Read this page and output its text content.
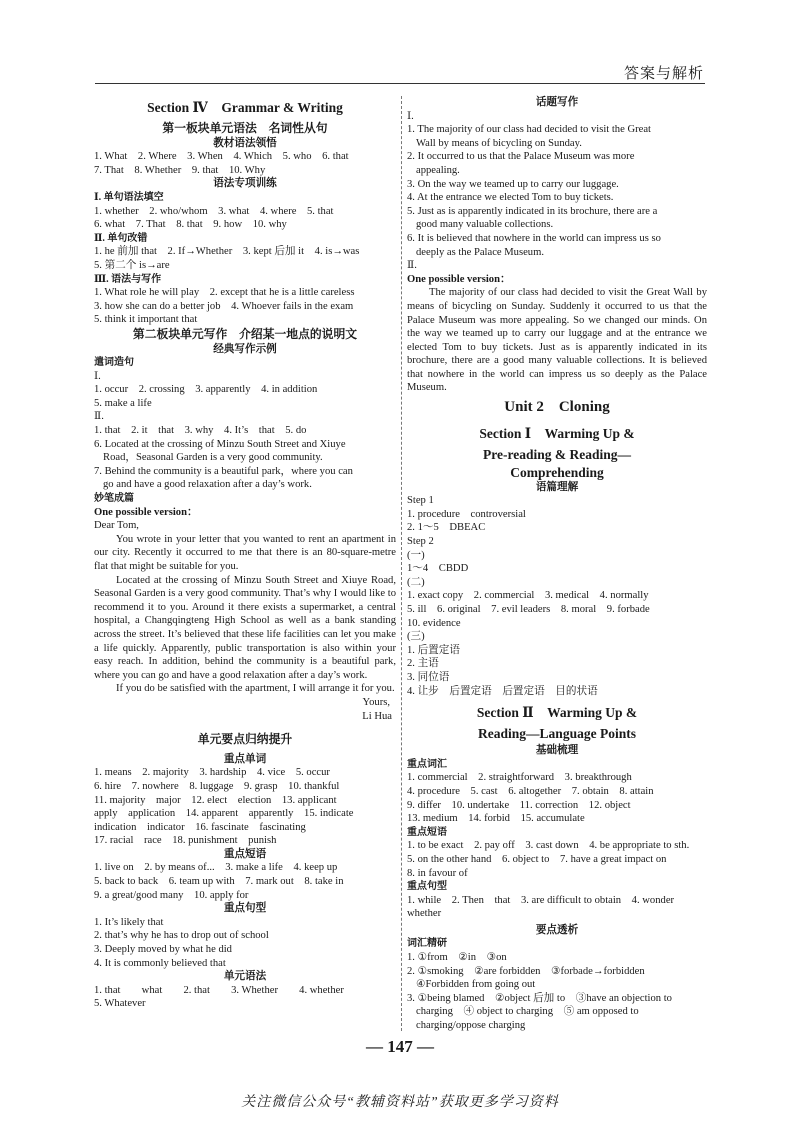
答案与解析
Section Ⅳ　Grammar & Writing
第一板块单元语法　名词性从句
教材语法领悟
1. What　2. Where　3. When　4. Which　5. who　6. that
7. That　8. Whether　9. that　10. Why
语法专项训练
Ⅰ. 单句语法填空
1. whether　2. who/whom　3. what　4. where　5. that
6. what　7. That　8. that　9. how　10. why
Ⅱ. 单句改错
1. he 前加 that　2. If→Whether　3. kept 后加 it　4. is→was
5. 第二个 is→are
Ⅲ. 语法与写作
1. What role he will play　2. except that he is a little careless
3. how she can do a better job　4. Whoever fails in the exam
5. think it important that
第二板块单元写作　介绍某一地点的说明文
经典写作示例
遣词造句
Ⅰ.
1. occur　2. crossing　3. apparently　4. in addition
5. make a life
Ⅱ.
1. that　2. it　that　3. why　4. It’s　that　5. do
6. Located at the crossing of Minzu South Street and Xiuye
Road，Seasonal Garden is a very good community.
7. Behind the community is a beautiful park，where you can
go and have a good relaxation after a day’s work.
妙笔成篇
One possible version：
Dear Tom,
You wrote in your letter that you wanted to rent an apartment in our city. Recently it occurred to me that there is an 80-square-metre flat that might be suitable for you.
Located at the crossing of Minzu South Street and Xiuye Road, Seasonal Garden is a very good community. That’s why I would like to recommend it to you. Around it there exists a supermarket, a central hospital, a Changqingteng High School as well as a bank standing across the street. It’s believed that these life facilities can let you make a life quickly. Apparently, public transportation is also within your easy reach. In addition, behind the community is a beautiful park, where you can go and have a good relaxation after a day’s work.
If you do be satisfied with the apartment, I will arrange it for you.
Yours,
Li Hua
单元要点归纳提升
重点单词
1. means　2. majority　3. hardship　4. vice　5. occur
6. hire　7. nowhere　8. luggage　9. grasp　10. thankful
11. majority　major　12. elect　election　13. applicant
apply　application　14. apparent　apparently　15. indicate
indication　indicator　16. fascinate　fascinating
17. racial　race　18. punishment　punish
重点短语
1. live on　2. by means of...　3. make a life　4. keep up
5. back to back　6. team up with　7. mark out　8. take in
9. a great/good many　10. apply for
重点句型
1. It’s likely that
2. that’s why he has to drop out of school
3. Deeply moved by what he did
4. It is commonly believed that
单元语法
1. that　　what　　2. that　　3. Whether　　4. whether
5. Whatever
话题写作
Ⅰ.
1. The majority of our class had decided to visit the Great
Wall by means of bicycling on Sunday.
2. It occurred to us that the Palace Museum was more
appealing.
3. On the way we teamed up to carry our luggage.
4. At the entrance we elected Tom to buy tickets.
5. Just as is apparently indicated in its brochure, there are a
good many valuable collections.
6. It is believed that nowhere in the world can impress us so
deeply as the Palace Museum.
Ⅱ.
One possible version：
The majority of our class had decided to visit the Great Wall by means of bicycling on Sunday. Suddenly it occurred to us that the Palace Museum was more appealing. So we changed our minds. On the way we teamed up to carry our luggage and at the entrance we elected Tom to buy tickets. Just as is apparently indicated in its brochure, there are a good many valuable collections. It is believed that nowhere in the world can impress us so deeply as the Palace Museum.
Unit 2　Cloning
Section Ⅰ　Warming Up &
Pre-reading & Reading—
Comprehending
语篇理解
Step 1
1. procedure　controversial
2. 1～5　DBEAC
Step 2
(一)
1～4　CBDD
(二)
1. exact copy　2. commercial　3. medical　4. normally
5. ill　6. original　7. evil leaders　8. moral　9. forbade
10. evidence
(三)
1. 后置定语
2. 主语
3. 同位语
4. 让步　后置定语　后置定语　目的状语
Section Ⅱ　Warming Up &
Reading—Language Points
基础梳理
重点词汇
1. commercial　2. straightforward　3. breakthrough
4. procedure　5. cast　6. altogether　7. obtain　8. attain
9. differ　10. undertake　11. correction　12. object
13. medium　14. forbid　15. accumulate
重点短语
1. to be exact　2. pay off　3. cast down　4. be appropriate to sth.
5. on the other hand　6. object to　7. have a great impact on
8. in favour of
重点句型
1. while　2. Then　that　3. are difficult to obtain　4. wonder
whether
要点透析
词汇精研
1. ①from　②in　③on
2. ①smoking　②are forbidden　③forbade→forbidden
④Forbidden from going out
3. ①being blamed　②object 后加 to　③have an objection to
charging　④ object to charging　⑤ am opposed to
charging/oppose charging
— 147 —
关注微信公众号“教辅资料站”获取更多学习资料
